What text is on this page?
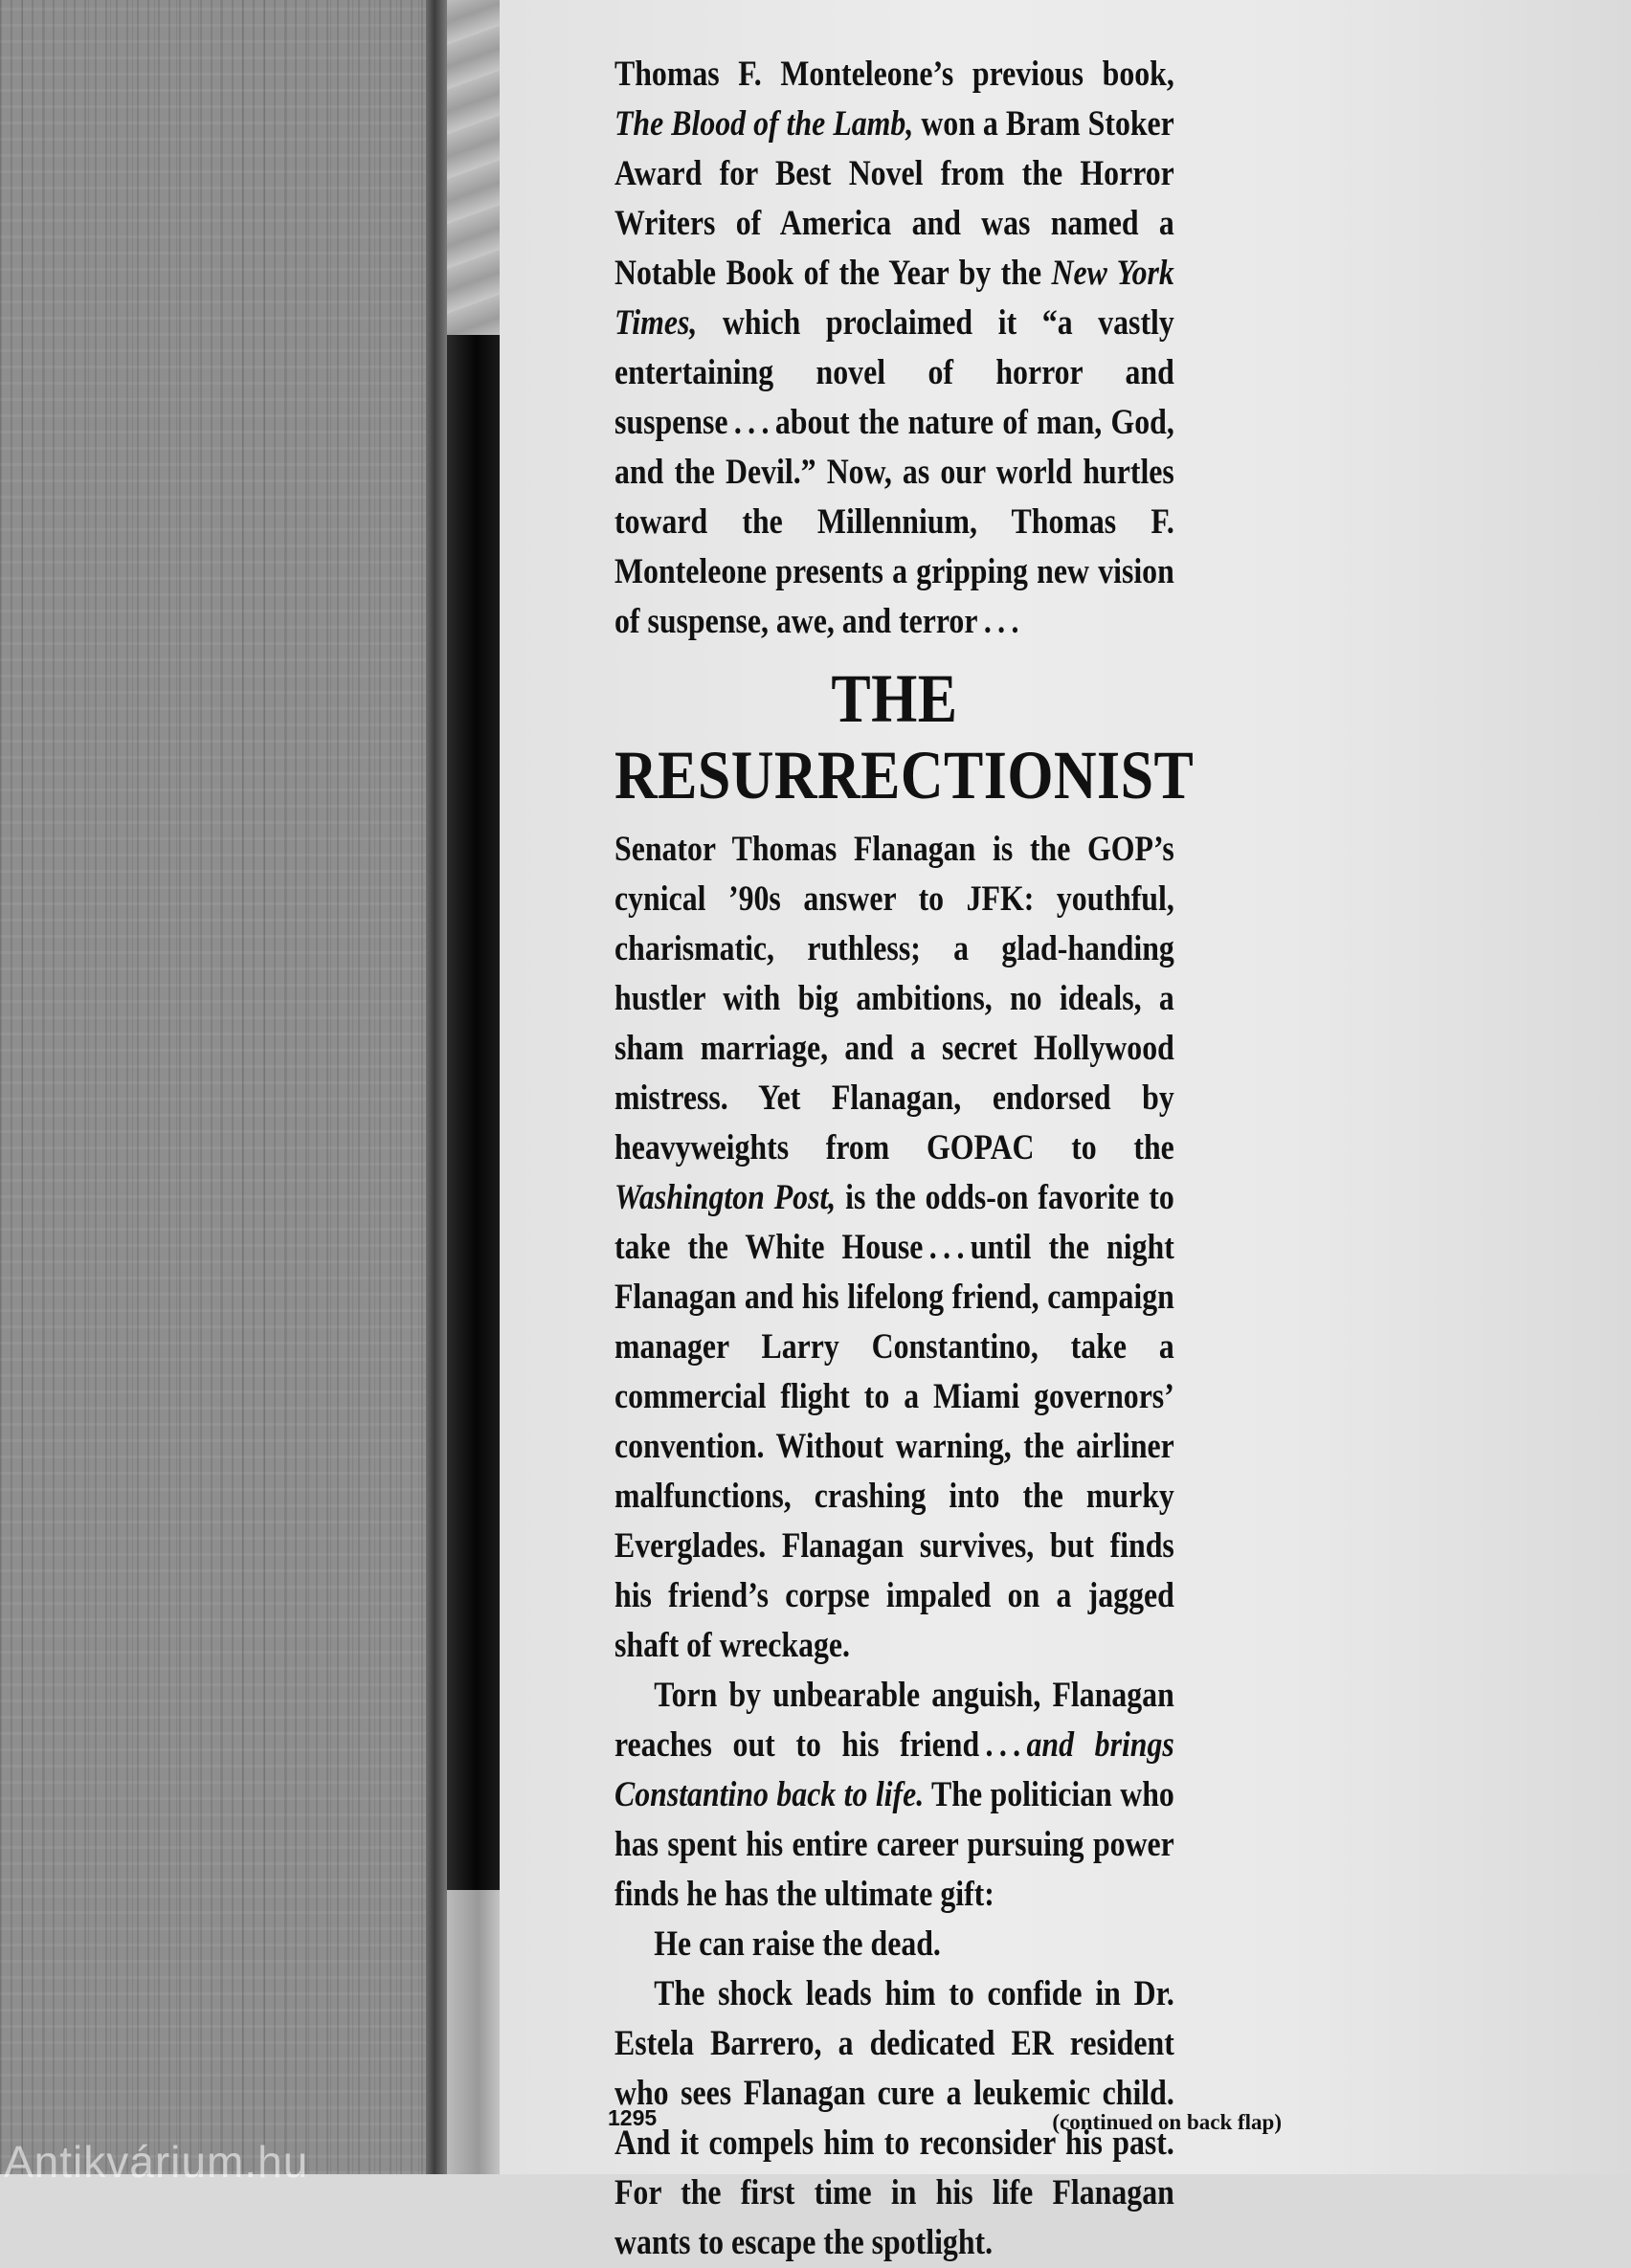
Thomas F. Monteleone’s previous book, The Blood of the Lamb, won a Bram Stoker Award for Best Novel from the Horror Writers of America and was named a Notable Book of the Year by the New York Times, which proclaimed it “a vastly entertaining novel of horror and suspense . . . about the nature of man, God, and the Devil.” Now, as our world hurtles toward the Millennium, Thomas F. Monteleone presents a gripping new vision of suspense, awe, and terror . . .

THE RESURRECTIONIST

Senator Thomas Flanagan is the GOP’s cynical ’90s answer to JFK: youthful, charismatic, ruthless; a glad-handing hustler with big ambitions, no ideals, a sham marriage, and a secret Hollywood mistress. Yet Flanagan, endorsed by heavyweights from GOPAC to the Washington Post, is the odds-on favorite to take the White House . . . until the night Flanagan and his lifelong friend, campaign manager Larry Constantino, take a commercial flight to a Miami governors’ convention. Without warning, the airliner malfunctions, crashing into the murky Everglades. Flanagan survives, but finds his friend’s corpse impaled on a jagged shaft of wreckage.

Torn by unbearable anguish, Flanagan reaches out to his friend . . . and brings Constantino back to life. The politician who has spent his entire career pursuing power finds he has the ultimate gift:

He can raise the dead.

The shock leads him to confide in Dr. Estela Barrero, a dedicated ER resident who sees Flanagan cure a leukemic child. And it compels him to reconsider his past. For the first time in his life Flanagan wants to escape the spotlight.

1295	(continued on back flap)
Antikvárium.hu
